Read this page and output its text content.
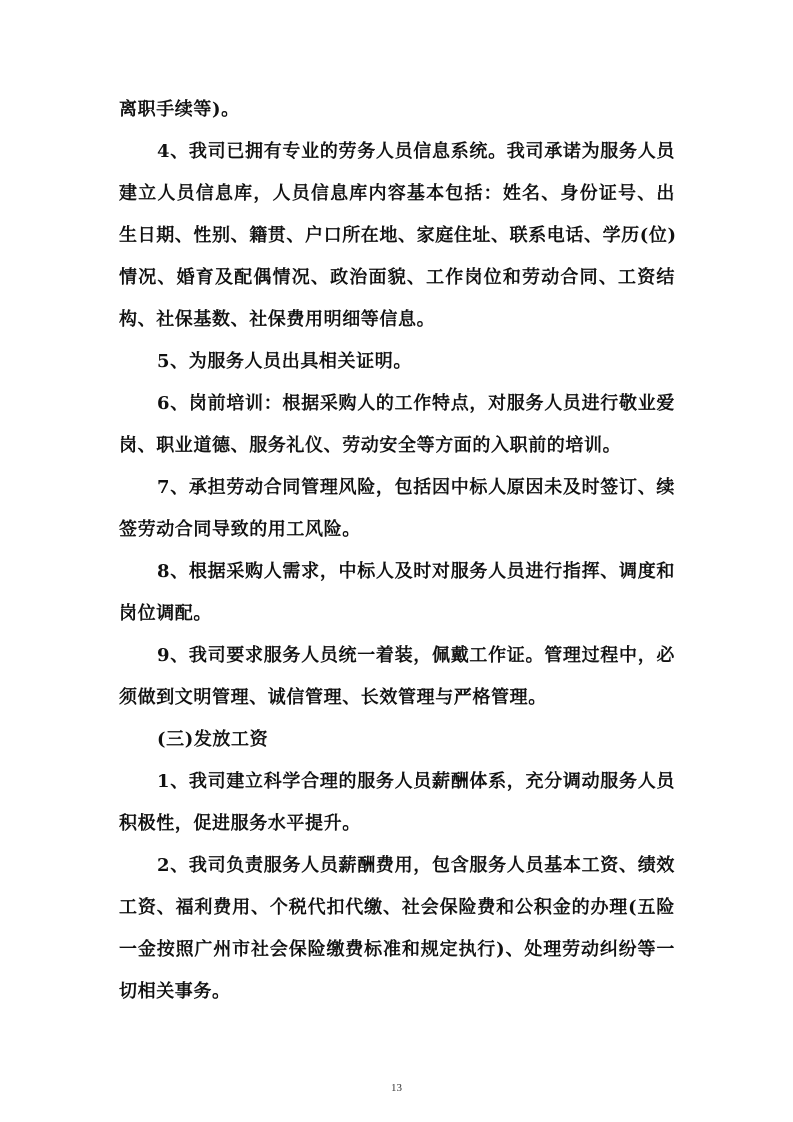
离职手续等)。
4、我司已拥有专业的劳务人员信息系统。我司承诺为服务人员
建立人员信息库，人员信息库内容基本包括：姓名、身份证号、出
生日期、性别、籍贯、户口所在地、家庭住址、联系电话、学历(位)
情况、婚育及配偶情况、政治面貌、工作岗位和劳动合同、工资结
构、社保基数、社保费用明细等信息。
5、为服务人员出具相关证明。
6、岗前培训：根据采购人的工作特点，对服务人员进行敬业爱
岗、职业道德、服务礼仪、劳动安全等方面的入职前的培训。
7、承担劳动合同管理风险，包括因中标人原因未及时签订、续
签劳动合同导致的用工风险。
8、根据采购人需求，中标人及时对服务人员进行指挥、调度和
岗位调配。
9、我司要求服务人员统一着装，佩戴工作证。管理过程中，必
须做到文明管理、诚信管理、长效管理与严格管理。
(三)发放工资
1、我司建立科学合理的服务人员薪酬体系，充分调动服务人员
积极性，促进服务水平提升。
2、我司负责服务人员薪酬费用，包含服务人员基本工资、绩效
工资、福利费用、个税代扣代缴、社会保险费和公积金的办理(五险
一金按照广州市社会保险缴费标准和规定执行)、处理劳动纠纷等一
切相关事务。
13
